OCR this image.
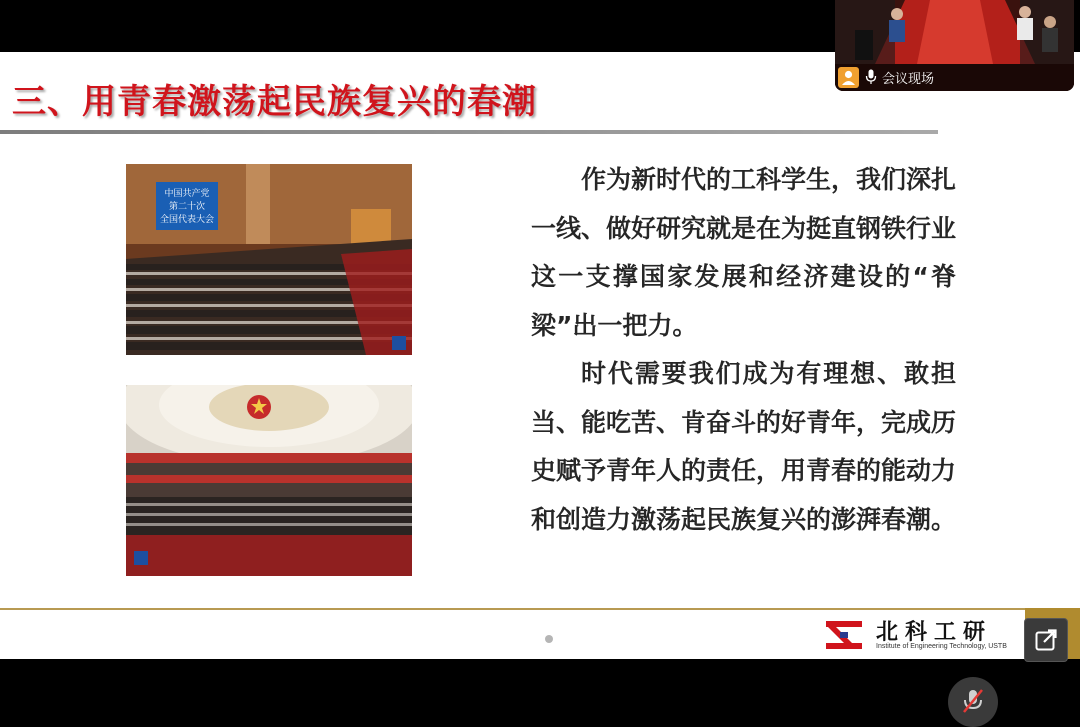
三、用青春激荡起民族复兴的春潮
中国共产党
第二十次
全国代表大会

作为新时代的工科学生，我们深扎一线、做好研究就是在为挺直钢铁行业这一支撑国家发展和经济建设的“脊梁”出一把力。

时代需要我们成为有理想、敢担当、能吃苦、肯奋斗的好青年，完成历史赋予青年人的责任，用青春的能动力和创造力激荡起民族复兴的澎湃春潮。

北科工研
Institute of Engineering Technology, USTB
会议现场
